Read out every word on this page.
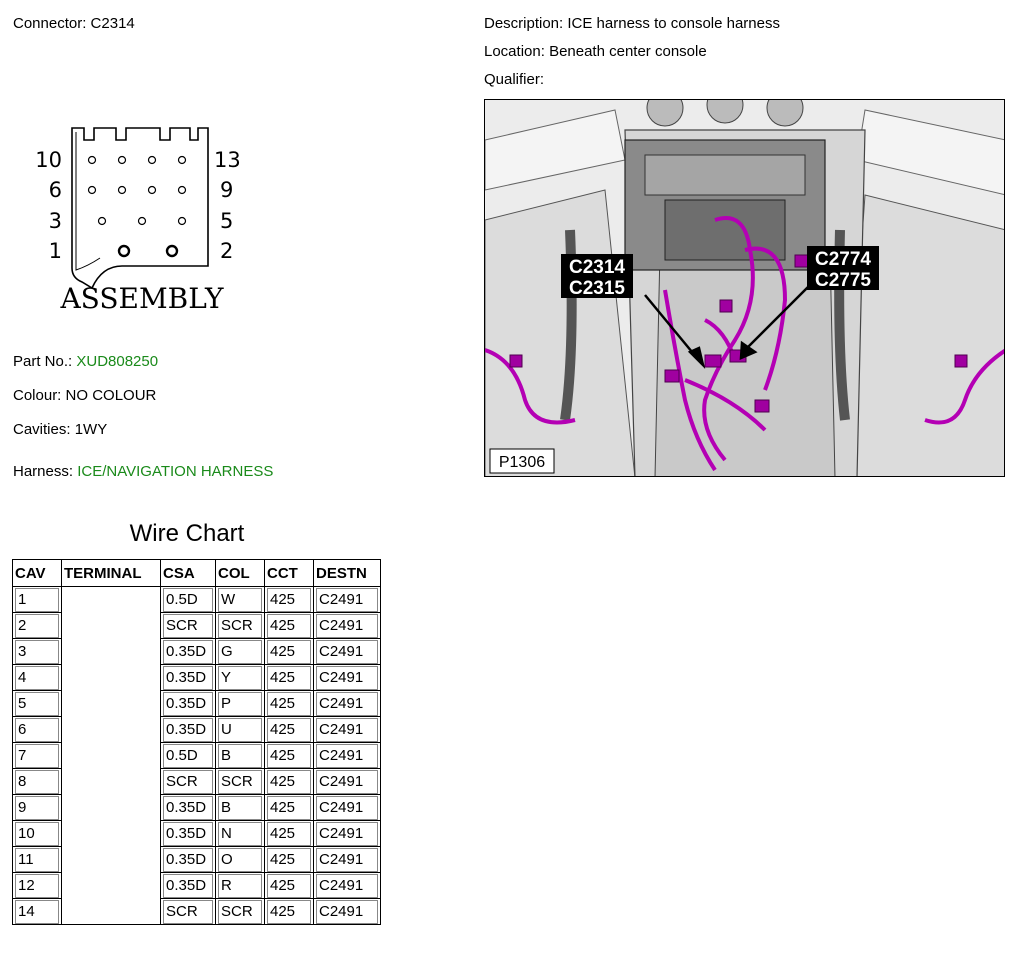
Connector: C2314	Description: ICE harness to console harness
Location: Beneath center console
Qualifier:
10
6
3
1
13
9
5
2
ASSEMBLY
Part No.: XUD808250
Colour: NO COLOUR
Cavities: 1WY
Harness: ICE/NAVIGATION HARNESS
C2314
C2315
C2774
C2775
P1306
Wire Chart
CAV	TERMINAL	CSA	COL	CCT	DESTN

1		0.5D	W	425	C2491

2		SCR	SCR	425	C2491

3		0.35D	G	425	C2491

4		0.35D	Y	425	C2491

5		0.35D	P	425	C2491

6		0.35D	U	425	C2491

7		0.5D	B	425	C2491

8		SCR	SCR	425	C2491

9		0.35D	B	425	C2491

10		0.35D	N	425	C2491

11		0.35D	O	425	C2491

12		0.35D	R	425	C2491

14		SCR	SCR	425	C2491
